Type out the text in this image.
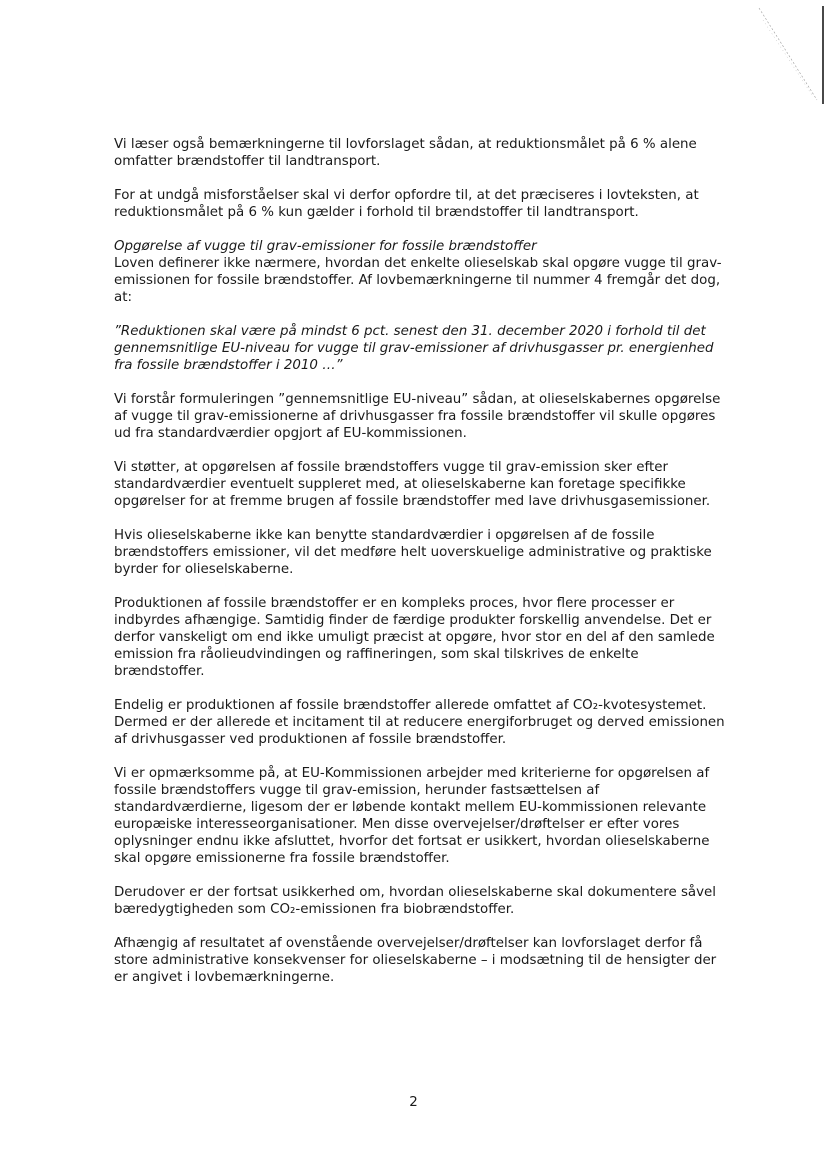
Vi læser også bemærkningerne til lovforslaget sådan, at reduktionsmålet på 6 % alene
omfatter brændstoffer til landtransport.

For at undgå misforståelser skal vi derfor opfordre til, at det præciseres i lovteksten, at
reduktionsmålet på 6 % kun gælder i forhold til brændstoffer til landtransport.

Opgørelse af vugge til grav-emissioner for fossile brændstoffer

Loven definerer ikke nærmere, hvordan det enkelte olieselskab skal opgøre vugge til grav-
emissionen for fossile brændstoffer. Af lovbemærkningerne til nummer 4 fremgår det dog,
at:

”Reduktionen skal være på mindst 6 pct. senest den 31. december 2020 i forhold til det
gennemsnitlige EU-niveau for vugge til grav-emissioner af drivhusgasser pr. energienhed
fra fossile brændstoffer i 2010 …”

Vi forstår formuleringen ”gennemsnitlige EU-niveau” sådan, at olieselskabernes opgørelse
af vugge til grav-emissionerne af drivhusgasser fra fossile brændstoffer vil skulle opgøres
ud fra standardværdier opgjort af EU-kommissionen.

Vi støtter, at opgørelsen af fossile brændstoffers vugge til grav-emission sker efter
standardværdier eventuelt suppleret med, at olieselskaberne kan foretage specifikke
opgørelser for at fremme brugen af fossile brændstoffer med lave drivhusgasemissioner.

Hvis olieselskaberne ikke kan benytte standardværdier i opgørelsen af de fossile
brændstoffers emissioner, vil det medføre helt uoverskuelige administrative og praktiske
byrder for olieselskaberne.

Produktionen af fossile brændstoffer er en kompleks proces, hvor flere processer er
indbyrdes afhængige. Samtidig finder de færdige produkter forskellig anvendelse. Det er
derfor vanskeligt om end ikke umuligt præcist at opgøre, hvor stor en del af den samlede
emission fra råolieudvindingen og raffineringen, som skal tilskrives de enkelte
brændstoffer.

Endelig er produktionen af fossile brændstoffer allerede omfattet af CO₂-kvotesystemet.
Dermed er der allerede et incitament til at reducere energiforbruget og derved emissionen
af drivhusgasser ved produktionen af fossile brændstoffer.

Vi er opmærksomme på, at EU-Kommissionen arbejder med kriterierne for opgørelsen af
fossile brændstoffers vugge til grav-emission, herunder fastsættelsen af
standardværdierne, ligesom der er løbende kontakt mellem EU-kommissionen relevante
europæiske interesseorganisationer. Men disse overvejelser/drøftelser er efter vores
oplysninger endnu ikke afsluttet, hvorfor det fortsat er usikkert, hvordan olieselskaberne
skal opgøre emissionerne fra fossile brændstoffer.

Derudover er der fortsat usikkerhed om, hvordan olieselskaberne skal dokumentere såvel
bæredygtigheden som CO₂-emissionen fra biobrændstoffer.

Afhængig af resultatet af ovenstående overvejelser/drøftelser kan lovforslaget derfor få
store administrative konsekvenser for olieselskaberne – i modsætning til de hensigter der
er angivet i lovbemærkningerne.

2
